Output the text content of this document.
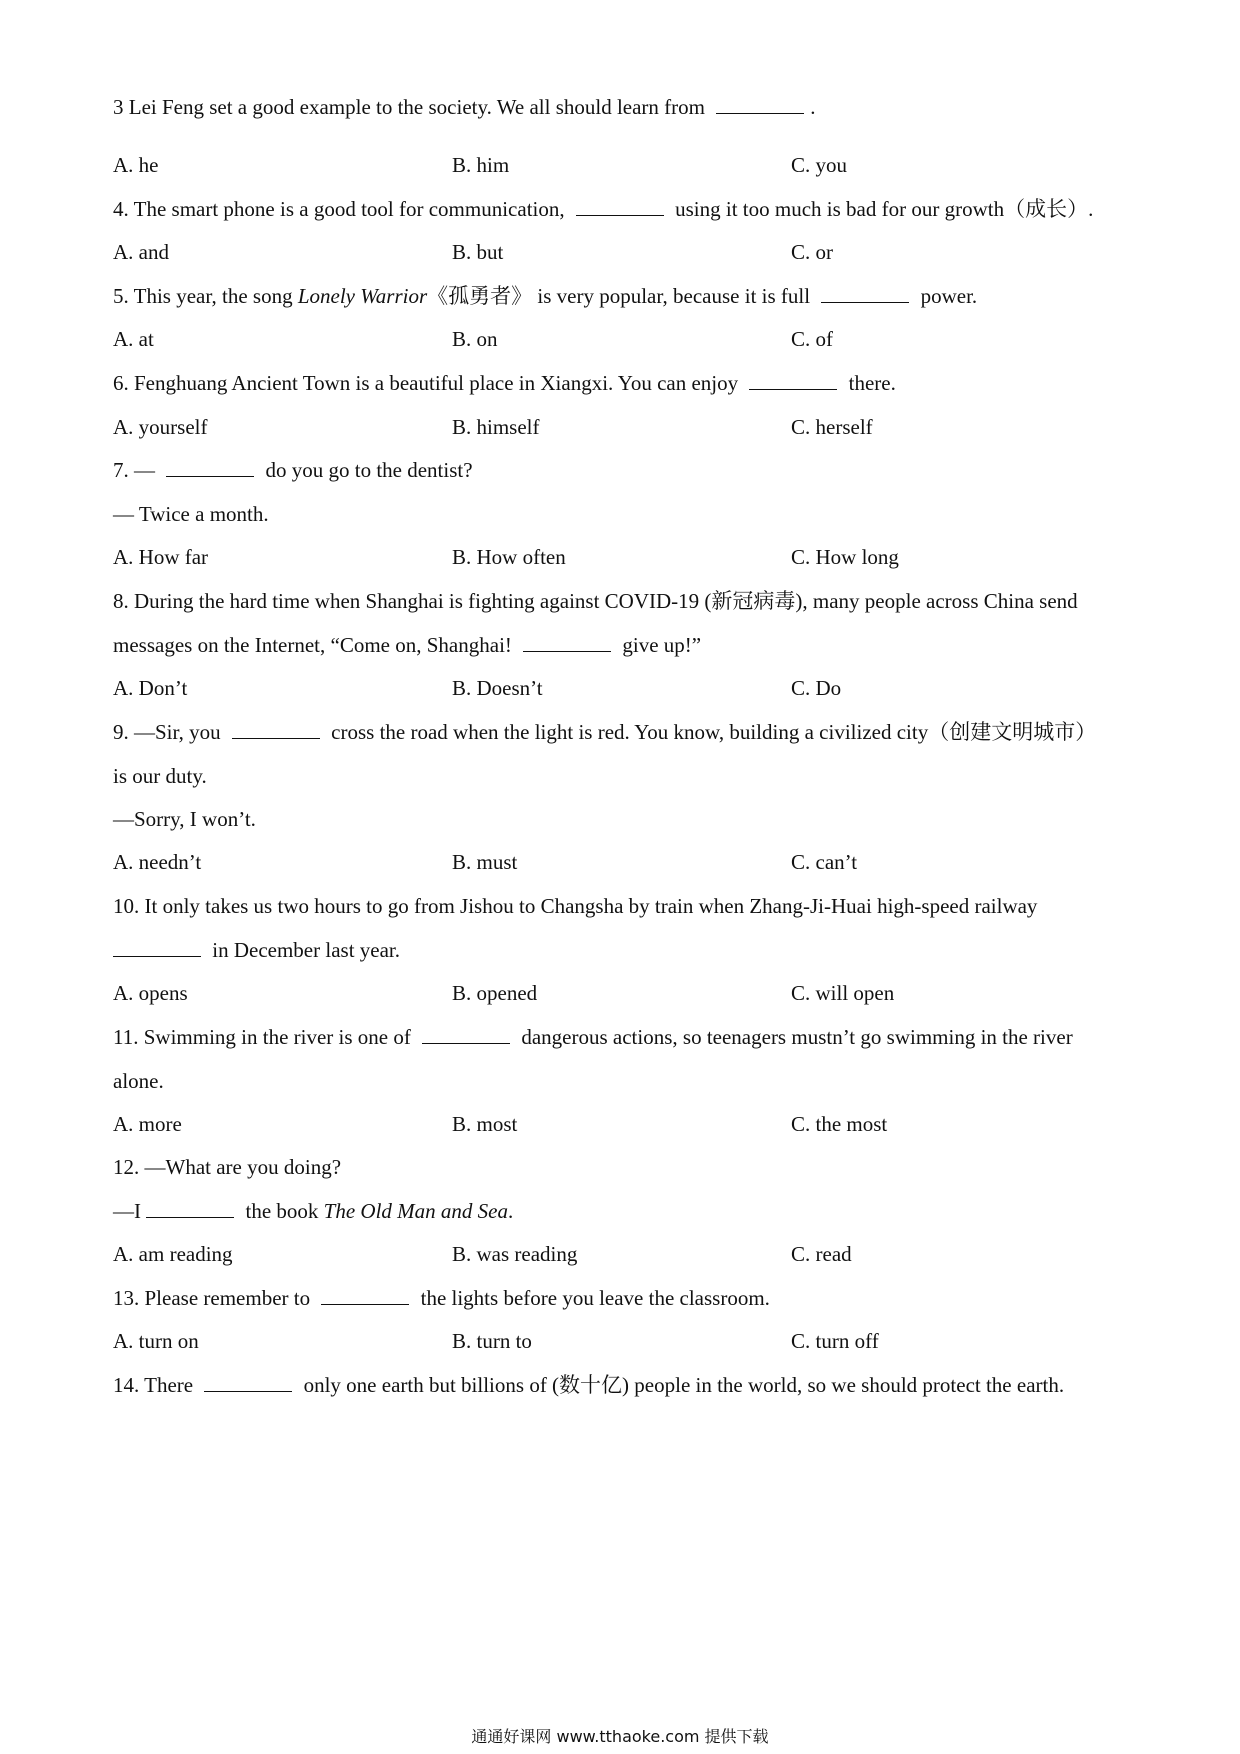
3 Lei Feng set a good example to the society. We all should learn from	.
A. he	B. him	C. you
4. The smart phone is a good tool for communication,	using it too much is bad for our growth（成长）.
A. and	B. but	C. or
5. This year, the song Lonely Warrior《孤勇者》 is very popular, because it is full	power.
A. at	B. on	C. of
6. Fenghuang Ancient Town is a beautiful place in Xiangxi. You can enjoy	there.
A. yourself	B. himself	C. herself
7. —	do you go to the dentist?
— Twice a month.
A. How far	B. How often	C. How long
8. During the hard time when Shanghai is fighting against COVID-19 (新冠病毒), many people across China send
messages on the Internet, “Come on, Shanghai!	give up!”
A. Don’t	B. Doesn’t	C. Do
9. —Sir, you	cross the road when the light is red. You know, building a civilized city（创建文明城市）
is our duty.
—Sorry, I won’t.
A. needn’t	B. must	C. can’t
10. It only takes us two hours to go from Jishou to Changsha by train when Zhang-Ji-Huai high-speed railway
in December last year.
A. opens	B. opened	C. will open
11. Swimming in the river is one of	dangerous actions, so teenagers mustn’t go swimming in the river
alone.
A. more	B. most	C. the most
12. —What are you doing?
—I	the book The Old Man and Sea.
A. am reading	B. was reading	C. read
13. Please remember to	the lights before you leave the classroom.
A. turn on	B. turn to	C. turn off
14. There	only one earth but billions of (数十亿) people in the world, so we should protect the earth.
通通好课网 www.tthaoke.com 提供下载
